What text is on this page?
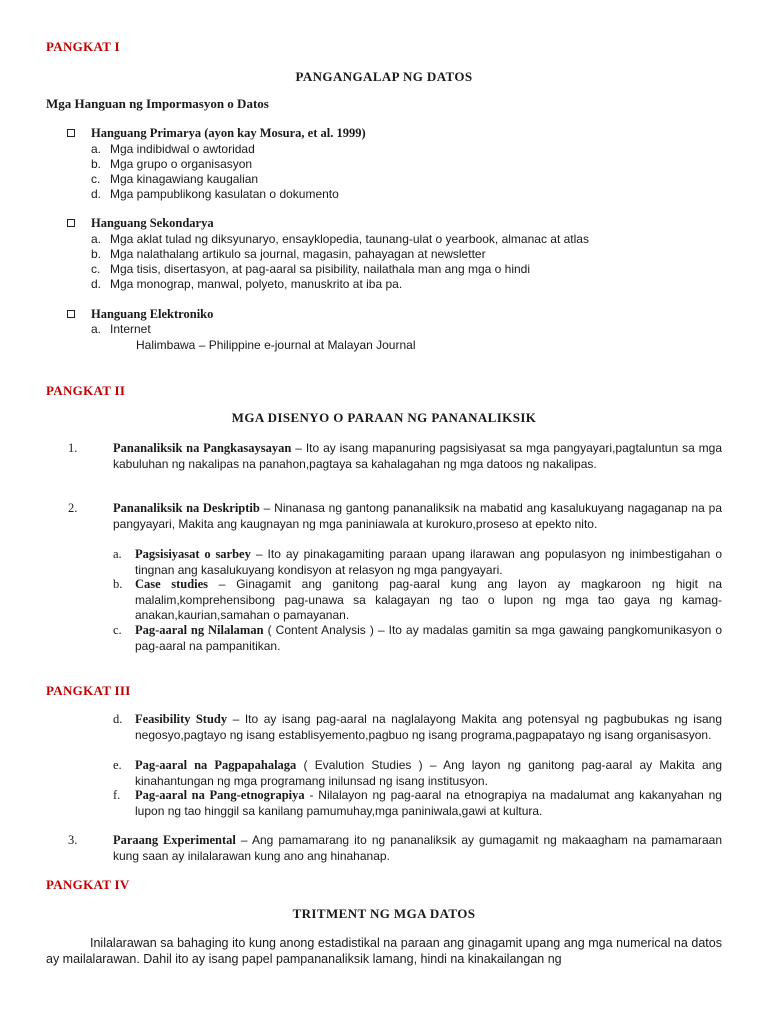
PANGKAT I
PANGANGALAP NG DATOS
Mga Hanguan ng Impormasyon o Datos
Hanguang Primarya (ayon kay Mosura, et al. 1999)
a. Mga indibidwal o awtoridad
b. Mga grupo o organisasyon
c. Mga kinagawiang kaugalian
d. Mga pampublikong kasulatan o dokumento
Hanguang Sekondarya
a. Mga aklat tulad ng diksyunaryo, ensayklopedia, taunang-ulat o yearbook, almanac at atlas
b. Mga nalathalang artikulo sa journal, magasin, pahayagan at newsletter
c. Mga tisis, disertasyon, at pag-aaral sa pisibility, nailathala man ang mga o hindi
d. Mga monograp, manwal, polyeto, manuskrito at iba pa.
Hanguang Elektroniko
a. Internet
Halimbawa – Philippine e-journal at Malayan Journal
PANGKAT II
MGA DISENYO O PARAAN NG PANANALIKSIK
1.	Pananaliksik na Pangkasaysayan – Ito ay isang mapanuring pagsisiyasat sa mga pangyayari,pagtaluntun sa mga kabuluhan ng nakalipas na panahon,pagtaya sa kahalagahan ng mga datoos ng nakalipas.
2.	Pananaliksik na Deskriptib – Ninanasa ng gantong pananaliksik na mabatid ang kasalukuyang nagaganap na pa pangyayari, Makita ang kaugnayan ng mga paniniawala at kurokuro,proseso at epekto nito.
a. Pagsisiyasat o sarbey – Ito ay pinakagamiting paraan upang ilarawan ang populasyon ng inimbestigahan o tingnan ang kasalukuyang kondisyon at relasyon ng mga pangyayari.
b. Case studies – Ginagamit ang ganitong pag-aaral kung ang layon ay magkaroon ng higit na malalim,komprehensibong pag-unawa sa kalagayan ng tao o lupon ng mga tao gaya ng kamag-anakan,kaurian,samahan o pamayanan.
c. Pag-aaral ng Nilalaman ( Content Analysis ) – Ito ay madalas gamitin sa mga gawaing pangkomunikasyon o pag-aaral na pampanitikan.
PANGKAT III
d. Feasibility Study – Ito ay isang pag-aaral na naglalayong Makita ang potensyal ng pagbubukas ng isang negosyo,pagtayo ng isang establisyemento,pagbuo ng isang programa,pagpapatayo ng isang organisasyon.
e. Pag-aaral na Pagpapahalaga ( Evalution Studies ) – Ang layon ng ganitong pag-aaral ay Makita ang kinahantungan ng mga programang inilunsad ng isang institusyon.
f. Pag-aaral na Pang-etnograpiya - Nilalayon ng pag-aaral na etnograpiya na madalumat ang kakanyahan ng lupon ng tao hinggil sa kanilang pamumuhay,mga paniniwala,gawi at kultura.
3.	Paraang Experimental – Ang pamamarang ito ng pananaliksik ay gumagamit ng makaagham na pamamaraan kung saan ay inilalarawan kung ano ang hinahanap.
PANGKAT IV
TRITMENT NG MGA DATOS
Inilalarawan sa bahaging ito kung anong estadistikal na paraan ang ginagamit upang ang mga numerical na datos ay mailalarawan. Dahil ito ay isang papel pampananaliksik lamang, hindi na kinakailangan ng
